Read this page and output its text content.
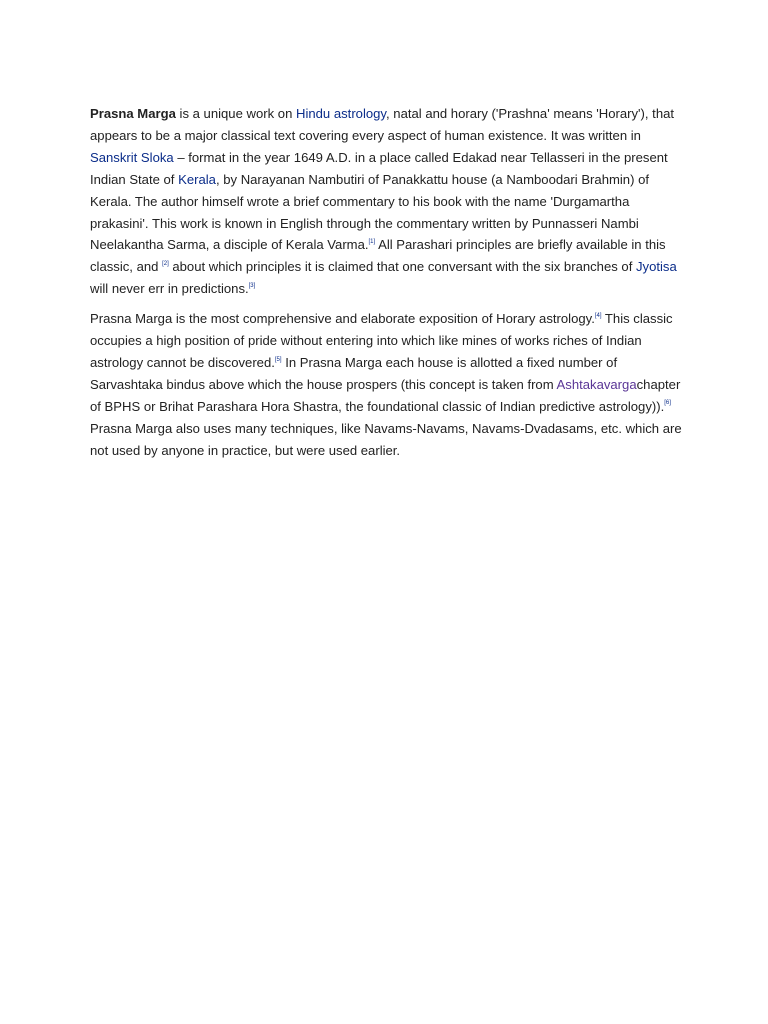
Prasna Marga is a unique work on Hindu astrology, natal and horary ('Prashna' means 'Horary'), that appears to be a major classical text covering every aspect of human existence. It was written in Sanskrit Sloka – format in the year 1649 A.D. in a place called Edakad near Tellasseri in the present Indian State of Kerala, by Narayanan Nambutiri of Panakkattu house (a Namboodari Brahmin) of Kerala. The author himself wrote a brief commentary to his book with the name 'Durgamartha prakasini'. This work is known in English through the commentary written by Punnasseri Nambi Neelakantha Sarma, a disciple of Kerala Varma.[1] All Parashari principles are briefly available in this classic, and [2] about which principles it is claimed that one conversant with the six branches of Jyotisa will never err in predictions.[3]

Prasna Marga is the most comprehensive and elaborate exposition of Horary astrology.[4] This classic occupies a high position of pride without entering into which like mines of works riches of Indian astrology cannot be discovered.[5] In Prasna Marga each house is allotted a fixed number of Sarvashtaka bindus above which the house prospers (this concept is taken from Ashtakavargachapter of BPHS or Brihat Parashara Hora Shastra, the foundational classic of Indian predictive astrology)).[6] Prasna Marga also uses many techniques, like Navams-Navams, Navams-Dvadasams, etc. which are not used by anyone in practice, but were used earlier.
